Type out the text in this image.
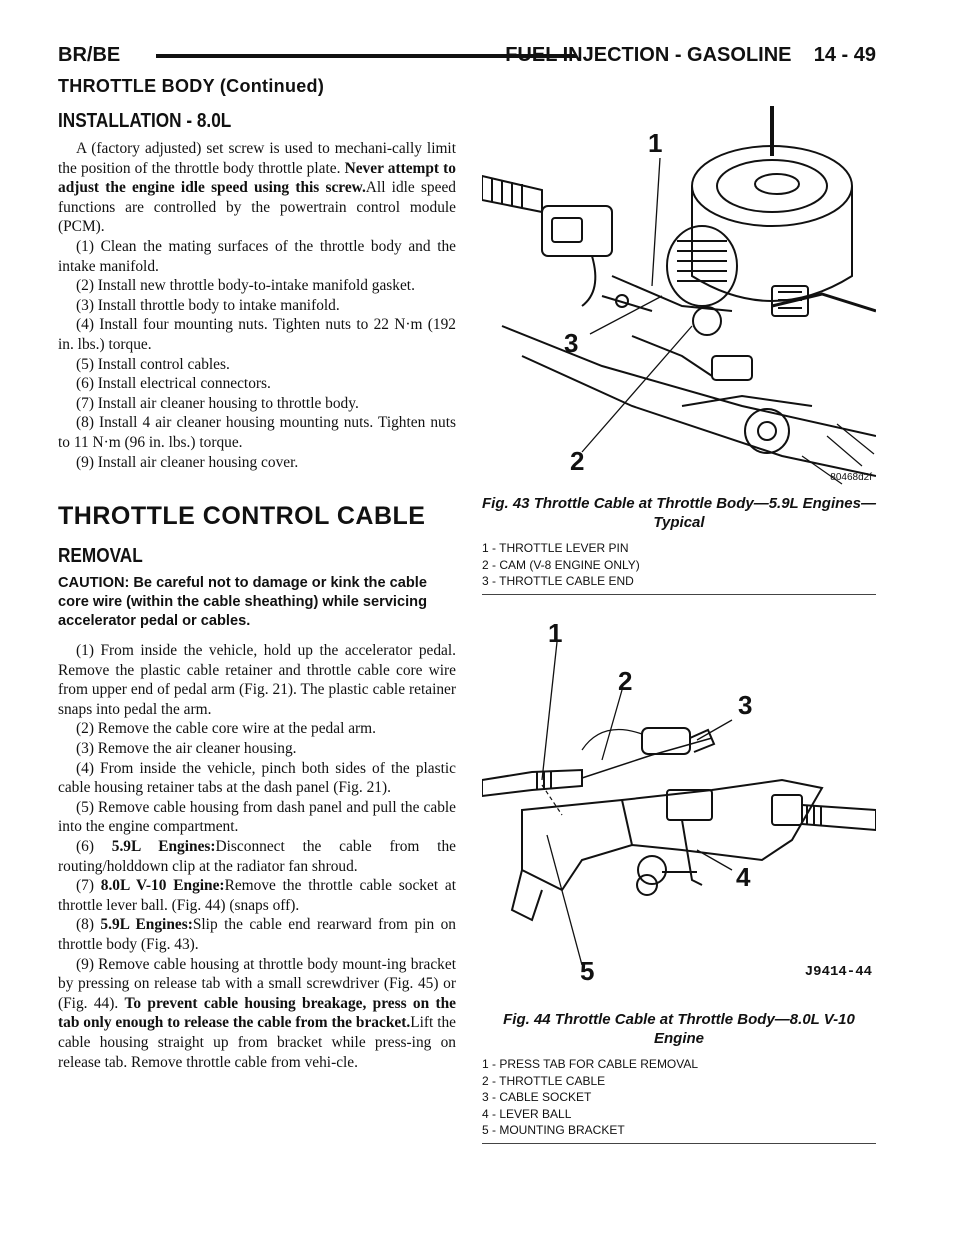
BR/BE	FUEL INJECTION - GASOLINE    14 - 49
THROTTLE BODY (Continued)
INSTALLATION - 8.0L

A (factory adjusted) set screw is used to mechani-cally limit the position of the throttle body throttle plate. Never attempt to adjust the engine idle speed using this screw.All idle speed functions are controlled by the powertrain control module (PCM).

(1) Clean the mating surfaces of the throttle body and the intake manifold.

(2) Install new throttle body-to-intake manifold gasket.

(3) Install throttle body to intake manifold.

(4) Install four mounting nuts. Tighten nuts to 22 N·m (192 in. lbs.) torque.

(5) Install control cables.

(6) Install electrical connectors.

(7) Install air cleaner housing to throttle body.

(8) Install 4 air cleaner housing mounting nuts. Tighten nuts to 11 N·m (96 in. lbs.) torque.

(9) Install air cleaner housing cover.

THROTTLE CONTROL CABLE
REMOVAL

CAUTION: Be careful not to damage or kink the cable core wire (within the cable sheathing) while servicing accelerator pedal or cables.

(1) From inside the vehicle, hold up the accelerator pedal. Remove the plastic cable retainer and throttle cable core wire from upper end of pedal arm (Fig. 21). The plastic cable retainer snaps into pedal the arm.

(2) Remove the cable core wire at the pedal arm.

(3) Remove the air cleaner housing.

(4) From inside the vehicle, pinch both sides of the plastic cable housing retainer tabs at the dash panel (Fig. 21).

(5) Remove cable housing from dash panel and pull the cable into the engine compartment.

(6) 5.9L Engines:Disconnect the cable from the routing/holddown clip at the radiator fan shroud.

(7) 8.0L V-10 Engine:Remove the throttle cable socket at throttle lever ball. (Fig. 44) (snaps off).

(8) 5.9L Engines:Slip the cable end rearward from pin on throttle body (Fig. 43).

(9) Remove cable housing at throttle body mount-ing bracket by pressing on release tab with a small screwdriver (Fig. 45) or (Fig. 44). To prevent cable housing breakage, press on the tab only enough to release the cable from the bracket.Lift the cable housing straight up from bracket while press-ing on release tab. Remove throttle cable from vehi-cle.

1
3
2
80468d2f
Fig. 43 Throttle Cable at Throttle Body—5.9L Engines—Typical
1 - THROTTLE LEVER PIN
2 - CAM (V-8 ENGINE ONLY)
3 - THROTTLE CABLE END
1
2
3
4
5	J9414-44
Fig. 44 Throttle Cable at Throttle Body—8.0L V-10 Engine
1 - PRESS TAB FOR CABLE REMOVAL
2 - THROTTLE CABLE
3 - CABLE SOCKET
4 - LEVER BALL
5 - MOUNTING BRACKET
